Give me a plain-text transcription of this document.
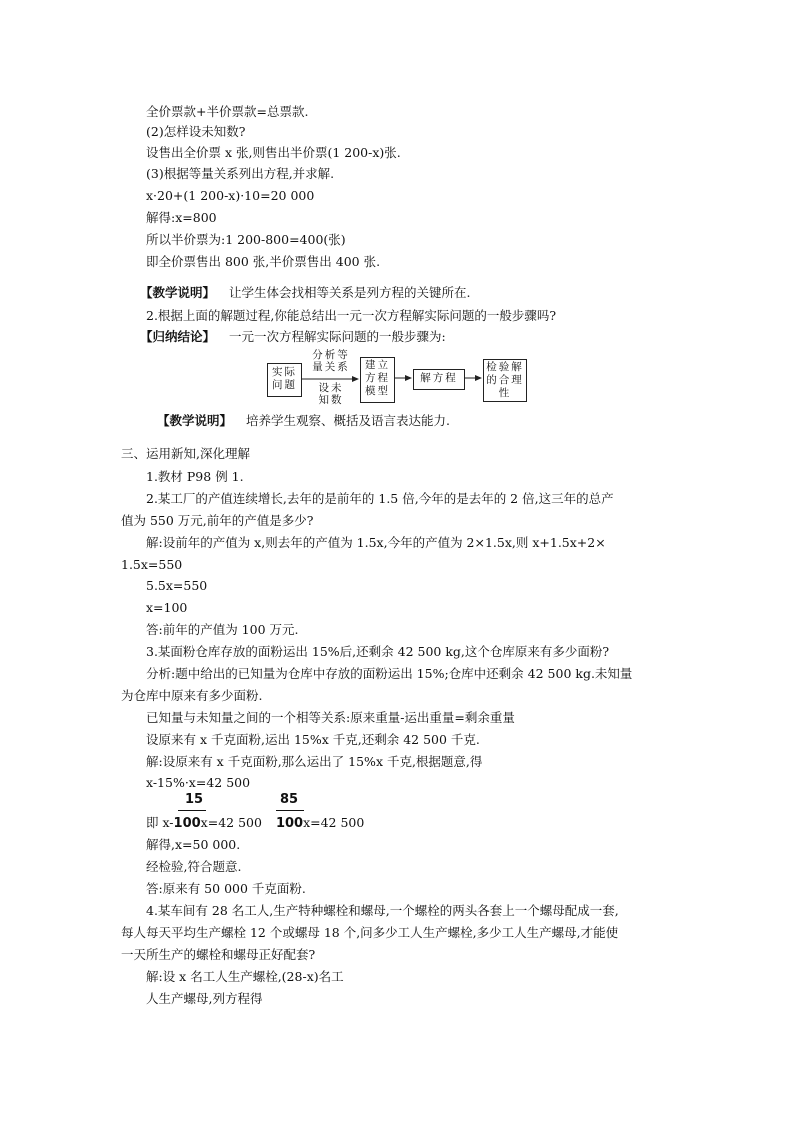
全价票款+半价票款=总票款.
(2)怎样设未知数?
设售出全价票 x 张,则售出半价票(1 200-x)张.
(3)根据等量关系列出方程,并求解.
x·20+(1 200-x)·10=20 000
解得:x=800
所以半价票为:1 200-800=400(张)
即全价票售出 800 张,半价票售出 400 张.
【教学说明】 让学生体会找相等关系是列方程的关键所在.
2.根据上面的解题过程,你能总结出一元一次方程解实际问题的一般步骤吗?
【归纳结论】 一元一次方程解实际问题的一般步骤为:
实际
问题
分析等
量关系
设未
知数
建立
方程
模型
解方程
检验解
的合理
性
【教学说明】 培养学生观察、概括及语言表达能力.
三、运用新知,深化理解
1.教材 P98 例 1.
2.某工厂的产值连续增长,去年的是前年的 1.5 倍,今年的是去年的 2 倍,这三年的总产
值为 550 万元,前年的产值是多少?
解:设前年的产值为 x,则去年的产值为 1.5x,今年的产值为 2×1.5x,则 x+1.5x+2×
1.5x=550
5.5x=550
x=100
答:前年的产值为 100 万元.
3.某面粉仓库存放的面粉运出 15%后,还剩余 42 500 kg,这个仓库原来有多少面粉?
分析:题中给出的已知量为仓库中存放的面粉运出 15%;仓库中还剩余 42 500 kg.未知量
为仓库中原来有多少面粉.
已知量与未知量之间的一个相等关系:原来重量-运出重量=剩余重量
设原来有 x 千克面粉,运出 15%x 千克,还剩余 42 500 千克.
解:设原来有 x 千克面粉,那么运出了 15%x 千克,根据题意,得
x-15%·x=42 500
15	85
即 x-100x=42 500 100x=42 500
解得,x=50 000.
经检验,符合题意.
答:原来有 50 000 千克面粉.
4.某车间有 28 名工人,生产特种螺栓和螺母,一个螺栓的两头各套上一个螺母配成一套,
每人每天平均生产螺栓 12 个或螺母 18 个,问多少工人生产螺栓,多少工人生产螺母,才能使
一天所生产的螺栓和螺母正好配套?
解:设 x 名工人生产螺栓,(28-x)名工
人生产螺母,列方程得
